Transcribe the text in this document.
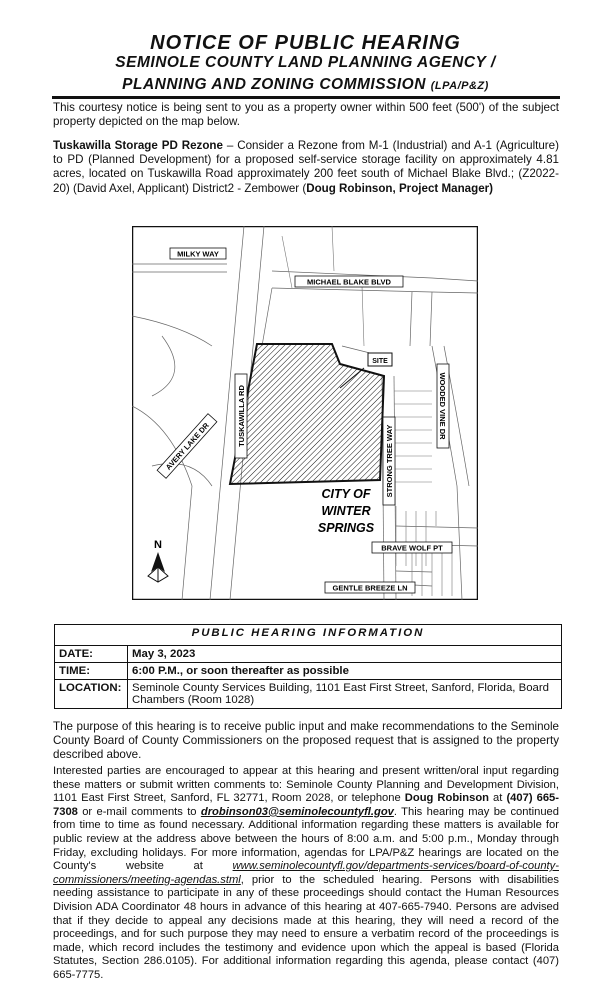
NOTICE OF PUBLIC HEARING
SEMINOLE COUNTY LAND PLANNING AGENCY /
PLANNING AND ZONING COMMISSION (LPA/P&Z)
This courtesy notice is being sent to you as a property owner within 500 feet (500') of the subject property depicted on the map below.
Tuskawilla Storage PD Rezone – Consider a Rezone from M-1 (Industrial) and A-1 (Agriculture) to PD (Planned Development) for a proposed self-service storage facility on approximately 4.81 acres, located on Tuskawilla Road approximately 200 feet south of Michael Blake Blvd.; (Z2022-20) (David Axel, Applicant) District2 - Zembower (Doug Robinson, Project Manager)
SITE
MILKY WAY
MICHAEL BLAKE BLVD
TUSKAWILLA RD
AVERY LAKE DR	STRONG TREE WAY
WOODED VINE DR
BRAVE WOLF PT
GENTLE BREEZE LN
CITY OF
WINTER
SPRINGS
N
PUBLIC HEARING INFORMATION	
DATE:	May 3, 2023
TIME:	6:00 P.M., or soon thereafter as possible
LOCATION:	Seminole County Services Building, 1101 East First Street, Sanford, Florida, Board Chambers (Room 1028)
The purpose of this hearing is to receive public input and make recommendations to the Seminole County Board of County Commissioners on the proposed request that is assigned to the property described above.
Interested parties are encouraged to appear at this hearing and present written/oral input regarding these matters or submit written comments to: Seminole County Planning and Development Division, 1101 East First Street, Sanford, FL 32771, Room 2028, or telephone Doug Robinson at (407) 665-7308 or e-mail comments to drobinson03@seminolecountyfl.gov. This hearing may be continued from time to time as found necessary. Additional information regarding these matters is available for public review at the address above between the hours of 8:00 a.m. and 5:00 p.m., Monday through Friday, excluding holidays. For more information, agendas for LPA/P&Z hearings are located on the County's website at www.seminolecountyfl.gov/departments-services/board-of-county-commissioners/meeting-agendas.stml, prior to the scheduled hearing. Persons with disabilities needing assistance to participate in any of these proceedings should contact the Human Resources Division ADA Coordinator 48 hours in advance of this hearing at 407-665-7940. Persons are advised that if they decide to appeal any decisions made at this hearing, they will need a record of the proceedings, and for such purpose they may need to ensure a verbatim record of the proceedings is made, which record includes the testimony and evidence upon which the appeal is based (Florida Statutes, Section 286.0105). For additional information regarding this agenda, please contact (407) 665-7775.
